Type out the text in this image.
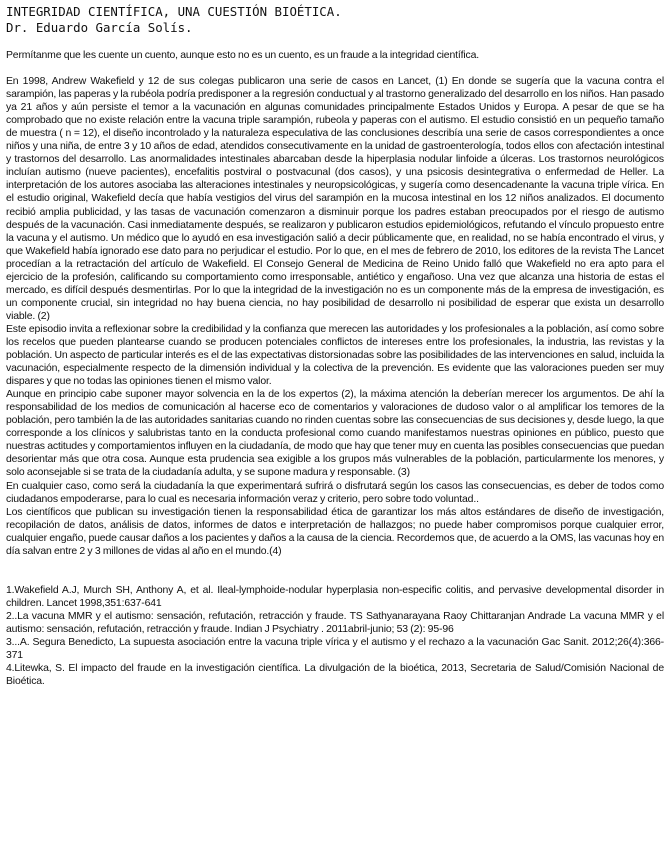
INTEGRIDAD CIENTÍFICA, UNA CUESTIÓN BIOÉTICA.
Dr. Eduardo García Solís.
Permítanme que les cuente un cuento, aunque esto no es un cuento, es un fraude a la integridad científica.

En 1998, Andrew Wakefield y 12 de sus colegas publicaron una serie de casos en Lancet, (1) En donde se sugería que la vacuna contra el sarampión, las paperas y la rubéola podría predisponer a la regresión conductual y al trastorno generalizado del desarrollo en los niños. Han pasado ya 21 años y aún persiste el temor a la vacunación en algunas comunidades principalmente Estados Unidos y Europa. A pesar de que se ha comprobado que no existe relación entre la vacuna triple sarampión, rubeola y paperas con el autismo. El estudio consistió en un pequeño tamaño de muestra ( n = 12), el diseño incontrolado y la naturaleza especulativa de las conclusiones describía una serie de casos correspondientes a once niños y una niña, de entre 3 y 10 años de edad, atendidos consecutivamente en la unidad de gastroenterología, todos ellos con afectación intestinal y trastornos del desarrollo. Las anormalidades intestinales abarcaban desde la hiperplasia nodular linfoide a úlceras. Los trastornos neurológicos incluían autismo (nueve pacientes), encefalitis postviral o postvacunal (dos casos), y una psicosis desintegrativa o enfermedad de Heller. La interpretación de los autores asociaba las alteraciones intestinales y neuropsicológicas, y sugería como desencadenante la vacuna triple vírica. En el estudio original, Wakefield decía que había vestigios del virus del sarampión en la mucosa intestinal en los 12 niños analizados. El documento recibió amplia publicidad, y las tasas de vacunación comenzaron a disminuir porque los padres estaban preocupados por el riesgo de autismo después de la vacunación. Casi inmediatamente después, se realizaron y publicaron estudios epidemiológicos, refutando el vínculo propuesto entre la vacuna y el autismo. Un médico que lo ayudó en esa investigación salió a decir públicamente que, en realidad, no se había encontrado el virus, y que Wakefield había ignorado ese dato para no perjudicar el estudio. Por lo que, en el mes de febrero de 2010, los editores de la revista The Lancet procedían a la retractación del artículo de Wakefield. El Consejo General de Medicina de Reino Unido falló que Wakefield no era apto para el ejercicio de la profesión, calificando su comportamiento como irresponsable, antiético y engañoso. Una vez que alcanza una historia de estas el mercado, es difícil después desmentirlas. Por lo que la integridad de la investigación no es un componente más de la empresa de investigación, es un componente crucial, sin integridad no hay buena ciencia, no hay posibilidad de desarrollo ni posibilidad de esperar que exista un desarrollo viable. (2)

Este episodio invita a reflexionar sobre la credibilidad y la confianza que merecen las autoridades y los profesionales a la población, así como sobre los recelos que pueden plantearse cuando se producen potenciales conflictos de intereses entre los profesionales, la industria, las revistas y la población. Un aspecto de particular interés es el de las expectativas distorsionadas sobre las posibilidades de las intervenciones en salud, incluida la vacunación, especialmente respecto de la dimensión individual y la colectiva de la prevención. Es evidente que las valoraciones pueden ser muy dispares y que no todas las opiniones tienen el mismo valor.

Aunque en principio cabe suponer mayor solvencia en la de los expertos (2), la máxima atención la deberían merecer los argumentos. De ahí la responsabilidad de los medios de comunicación al hacerse eco de comentarios y valoraciones de dudoso valor o al amplificar los temores de la población, pero también la de las autoridades sanitarias cuando no rinden cuentas sobre las consecuencias de sus decisiones y, desde luego, la que corresponde a los clínicos y salubristas tanto en la conducta profesional como cuando manifestamos nuestras opiniones en público, puesto que nuestras actitudes y comportamientos influyen en la ciudadanía, de modo que hay que tener muy en cuenta las posibles consecuencias que puedan desorientar más que otra cosa. Aunque esta prudencia sea exigible a los grupos más vulnerables de la población, particularmente los menores, y solo aconsejable si se trata de la ciudadanía adulta, y se supone madura y responsable. (3)

En cualquier caso, como será la ciudadanía la que experimentará sufrirá o disfrutará según los casos las consecuencias, es deber de todos como ciudadanos empoderarse, para lo cual es necesaria información veraz y criterio, pero sobre todo voluntad..

Los científicos que publican su investigación tienen la responsabilidad ética de garantizar los más altos estándares de diseño de investigación, recopilación de datos, análisis de datos, informes de datos e interpretación de hallazgos; no puede haber compromisos porque cualquier error, cualquier engaño, puede causar daños a los pacientes y daños a la causa de la ciencia. Recordemos que, de acuerdo a la OMS, las vacunas hoy en día salvan entre 2 y 3 millones de vidas al año en el mundo.(4)

1.Wakefield A.J, Murch SH, Anthony A, et al. Ileal-lymphoide-nodular hyperplasia non-especific colitis, and pervasive developmental disorder in children. Lancet 1998,351:637-641

2..La vacuna MMR y el autismo: sensación, refutación, retracción y fraude. TS Sathyanarayana Raoy Chittaranjan Andrade La vacuna MMR y el autismo: sensación, refutación, retracción y fraude. Indian J Psychiatry . 2011abril-junio; 53 (2): 95-96

3...A. Segura Benedicto, La supuesta asociación entre la vacuna triple vírica y el autismo y el rechazo a la vacunación Gac Sanit. 2012;26(4):366-371

4.Litewka, S. El impacto del fraude en la investigación científica. La divulgación de la bioética, 2013, Secretaria de Salud/Comisión Nacional de Bioética.
